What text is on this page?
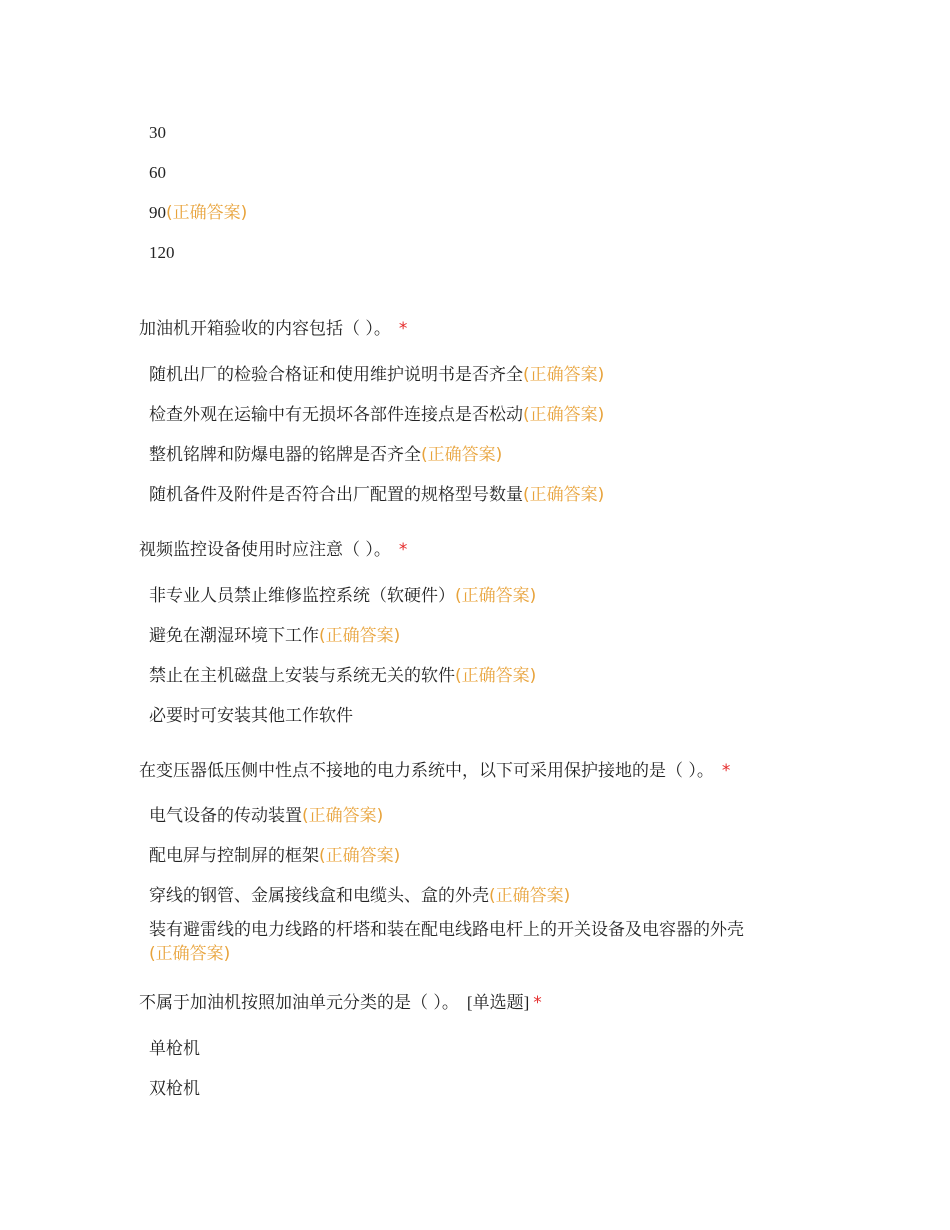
30
60
90(正确答案)
120
加油机开箱验收的内容包括（ ）。 *
随机出厂的检验合格证和使用维护说明书是否齐全(正确答案)
检查外观在运输中有无损坏各部件连接点是否松动(正确答案)
整机铭牌和防爆电器的铭牌是否齐全(正确答案)
随机备件及附件是否符合出厂配置的规格型号数量(正确答案)
视频监控设备使用时应注意（ ）。 *
非专业人员禁止维修监控系统（软硬件）(正确答案)
避免在潮湿环境下工作(正确答案)
禁止在主机磁盘上安装与系统无关的软件(正确答案)
必要时可安装其他工作软件
在变压器低压侧中性点不接地的电力系统中，以下可采用保护接地的是（ ）。 *
电气设备的传动装置(正确答案)
配电屏与控制屏的框架(正确答案)
穿线的钢管、金属接线盒和电缆头、盒的外壳(正确答案)
装有避雷线的电力线路的杆塔和装在配电线路电杆上的开关设备及电容器的外壳
(正确答案)
不属于加油机按照加油单元分类的是（ ）。 [单选题] *
单枪机
双枪机
